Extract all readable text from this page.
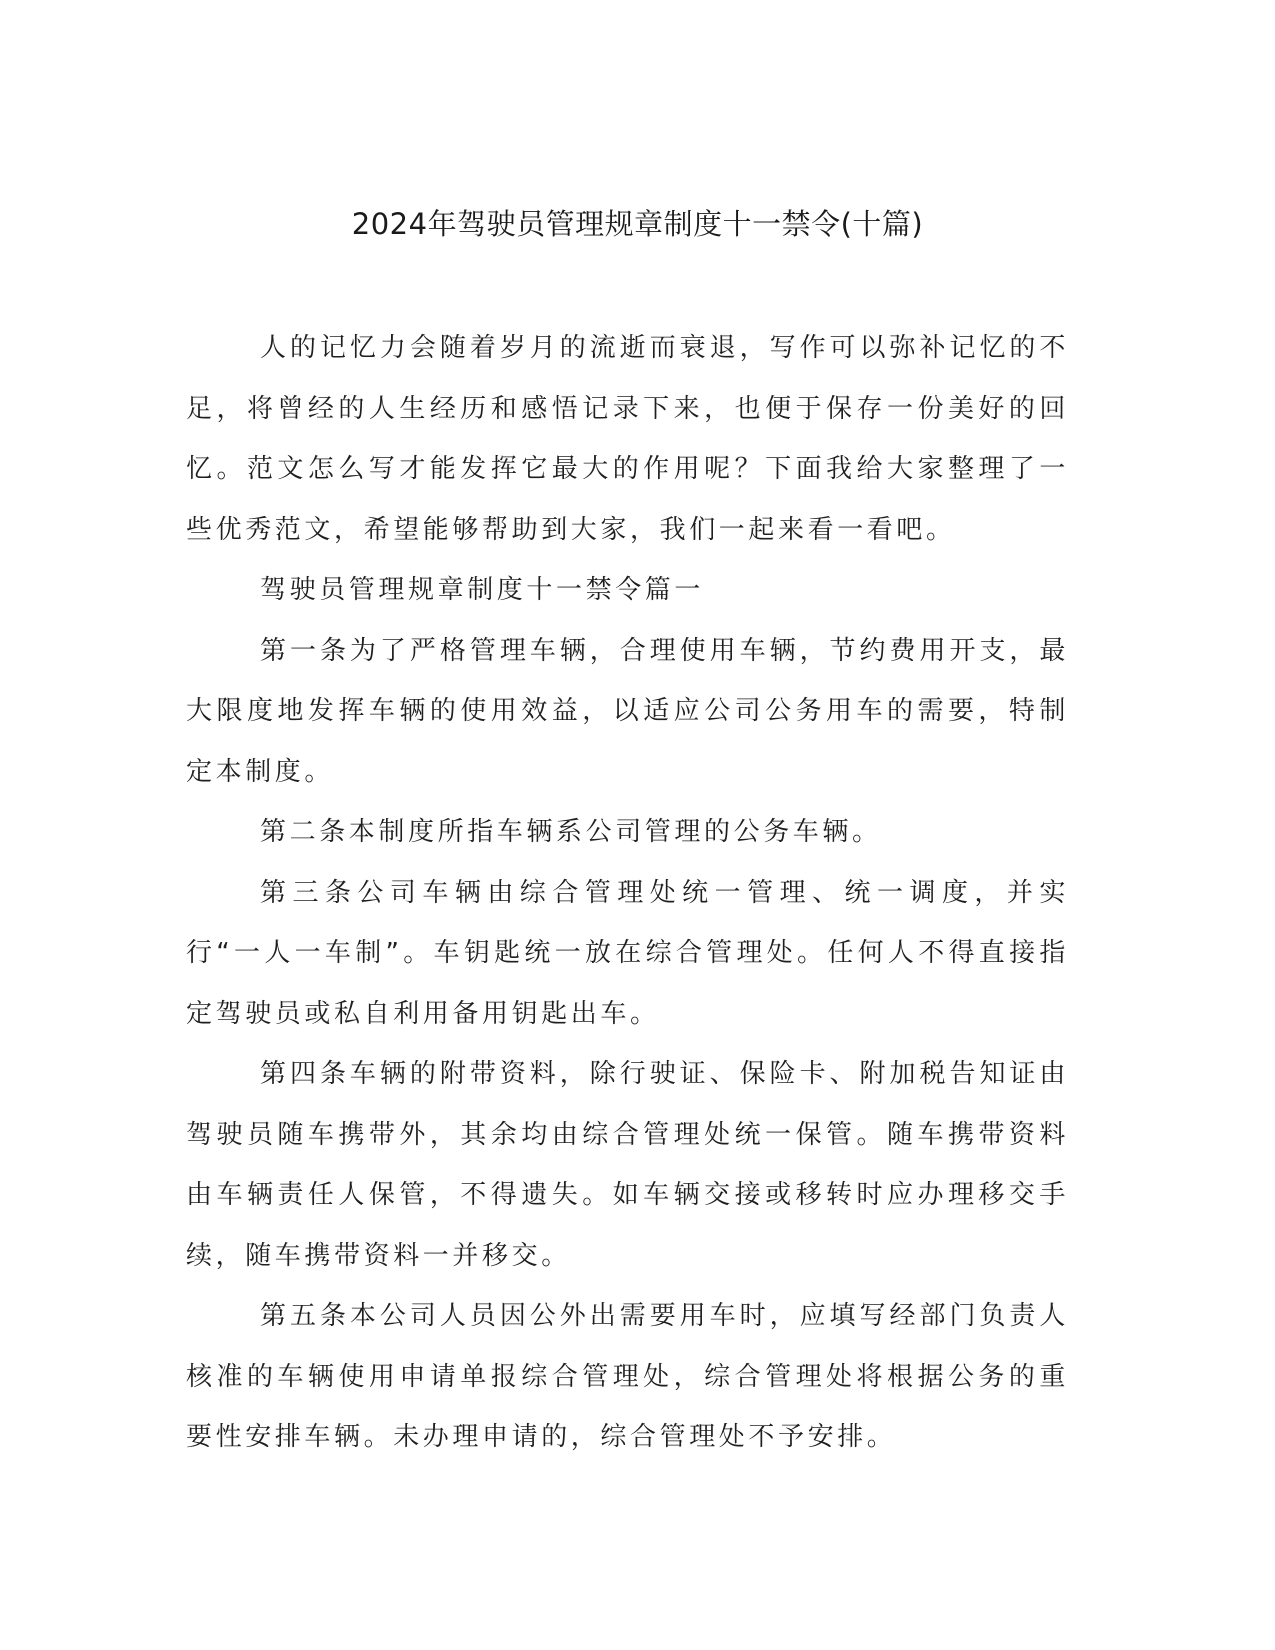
2024年驾驶员管理规章制度十一禁令(十篇)

人的记忆力会随着岁月的流逝而衰退，写作可以弥补记忆的不足，将曾经的人生经历和感悟记录下来，也便于保存一份美好的回忆。范文怎么写才能发挥它最大的作用呢？下面我给大家整理了一些优秀范文，希望能够帮助到大家，我们一起来看一看吧。

驾驶员管理规章制度十一禁令篇一

第一条为了严格管理车辆，合理使用车辆，节约费用开支，最大限度地发挥车辆的使用效益，以适应公司公务用车的需要，特制定本制度。

第二条本制度所指车辆系公司管理的公务车辆。

第三条公司车辆由综合管理处统一管理、统一调度，并实行“一人一车制”。车钥匙统一放在综合管理处。任何人不得直接指定驾驶员或私自利用备用钥匙出车。

第四条车辆的附带资料，除行驶证、保险卡、附加税告知证由驾驶员随车携带外，其余均由综合管理处统一保管。随车携带资料由车辆责任人保管，不得遗失。如车辆交接或移转时应办理移交手续，随车携带资料一并移交。

第五条本公司人员因公外出需要用车时，应填写经部门负责人核准的车辆使用申请单报综合管理处，综合管理处将根据公务的重要性安排车辆。未办理申请的，综合管理处不予安排。
